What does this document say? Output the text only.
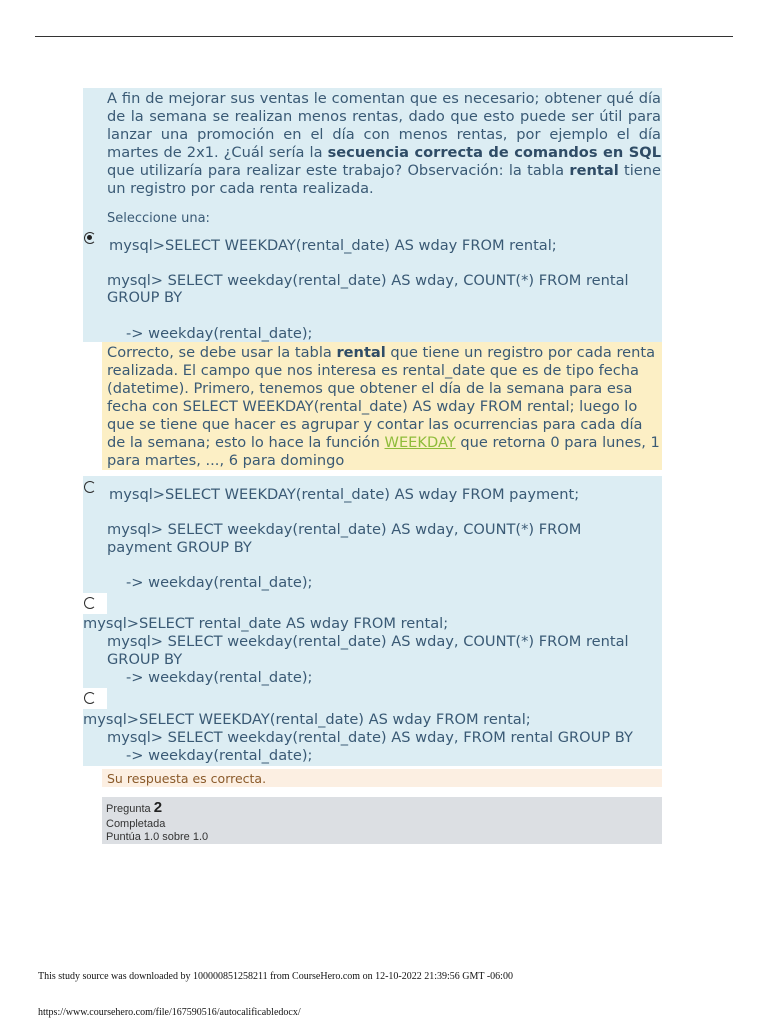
A fin de mejorar sus ventas le comentan que es necesario; obtener qué día de la semana se realizan menos rentas, dado que esto puede ser útil para lanzar una promoción en el día con menos rentas, por ejemplo el día martes de 2x1. ¿Cuál sería la secuencia correcta de comandos en SQL que utilizaría para realizar este trabajo? Observación: la tabla rental tiene un registro por cada renta realizada.
Seleccione una:
mysql>SELECT WEEKDAY(rental_date) AS wday FROM rental;
mysql> SELECT weekday(rental_date) AS wday, COUNT(*) FROM rental
GROUP BY
-> weekday(rental_date);
Correcto, se debe usar la tabla rental que tiene un registro por cada renta realizada. El campo que nos interesa es rental_date que es de tipo fecha (datetime). Primero, tenemos que obtener el día de la semana para esa fecha con SELECT WEEKDAY(rental_date) AS wday FROM rental; luego lo que se tiene que hacer es agrupar y contar las ocurrencias para cada día de la semana; esto lo hace la función WEEKDAY que retorna 0 para lunes, 1 para martes, ..., 6 para domingo
mysql>SELECT WEEKDAY(rental_date) AS wday FROM payment;
mysql> SELECT weekday(rental_date) AS wday, COUNT(*) FROM
payment GROUP BY
-> weekday(rental_date);
mysql>SELECT rental_date AS wday FROM rental;
mysql> SELECT weekday(rental_date) AS wday, COUNT(*) FROM rental
GROUP BY
-> weekday(rental_date);
mysql>SELECT WEEKDAY(rental_date) AS wday FROM rental;
mysql> SELECT weekday(rental_date) AS wday, FROM rental GROUP BY
-> weekday(rental_date);
Su respuesta es correcta.
Pregunta 2
Completada
Puntúa 1.0 sobre 1.0
This study source was downloaded by 100000851258211 from CourseHero.com on 12-10-2022 21:39:56 GMT -06:00
https://www.coursehero.com/file/167590516/autocalificabledocx/
